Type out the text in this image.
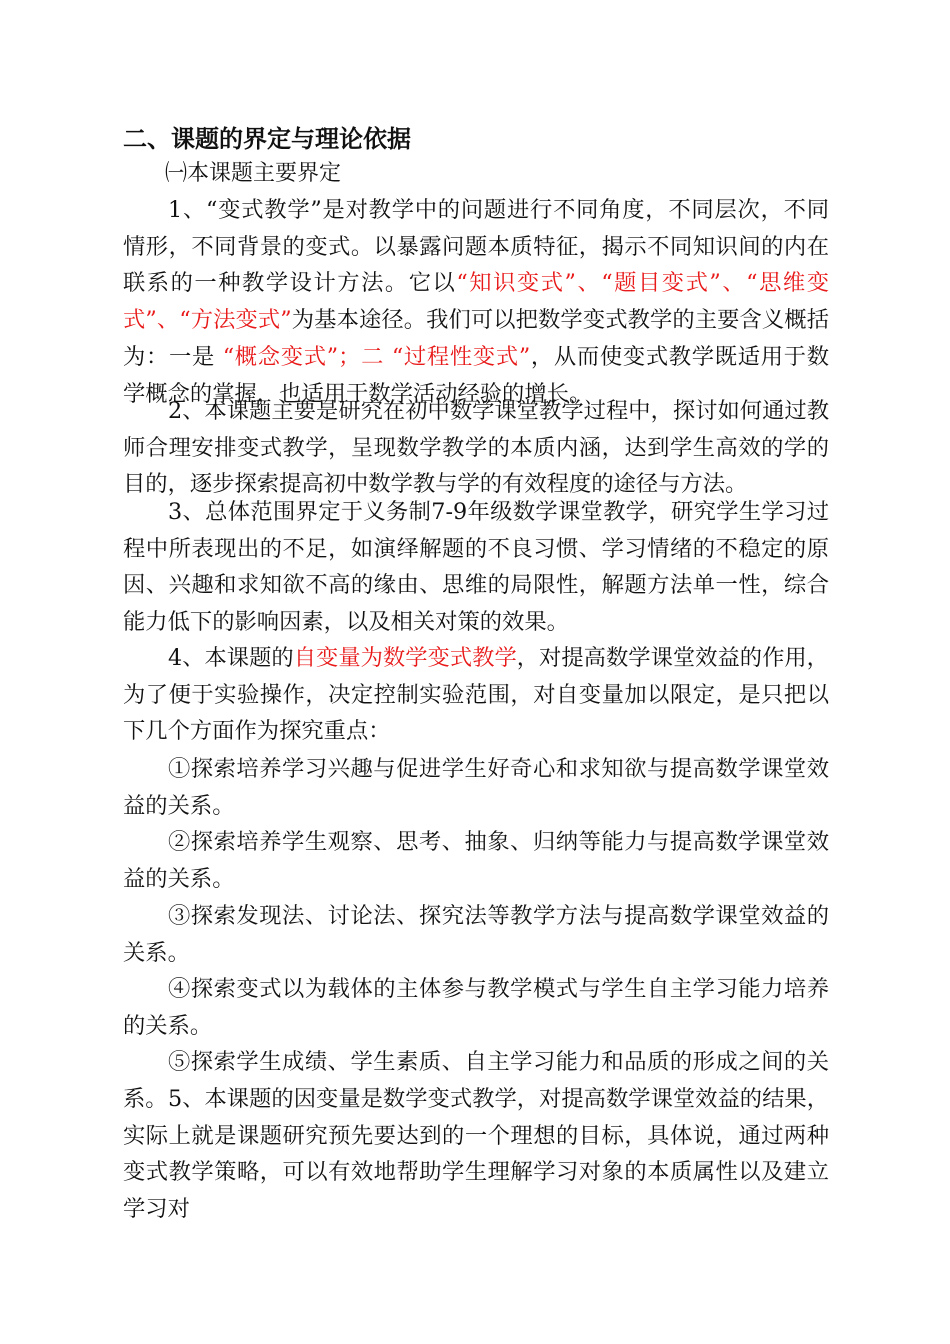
二、课题的界定与理论依据

㈠本课题主要界定

1、“变式教学”是对教学中的问题进行不同角度，不同层次，不同情形，不同背景的变式。以暴露问题本质特征，揭示不同知识间的内在联系的一种教学设计方法。它以“知识变式”、“题目变式”、“思维变式”、“方法变式”为基本途径。我们可以把数学变式教学的主要含义概括为：一是 “概念变式”；二 “过程性变式”，从而使变式教学既适用于数学概念的掌握，也适用于数学活动经验的增长。

2、本课题主要是研究在初中数学课堂教学过程中，探讨如何通过教师合理安排变式教学，呈现数学教学的本质内涵，达到学生高效的学的目的，逐步探索提高初中数学教与学的有效程度的途径与方法。

3、总体范围界定于义务制7-9年级数学课堂教学，研究学生学习过程中所表现出的不足，如演绎解题的不良习惯、学习情绪的不稳定的原因、兴趣和求知欲不高的缘由、思维的局限性，解题方法单一性，综合能力低下的影响因素，以及相关对策的效果。

4、本课题的自变量为数学变式教学，对提高数学课堂效益的作用，为了便于实验操作，决定控制实验范围，对自变量加以限定，是只把以下几个方面作为探究重点：

①探索培养学习兴趣与促进学生好奇心和求知欲与提高数学课堂效益的关系。

②探索培养学生观察、思考、抽象、归纳等能力与提高数学课堂效益的关系。

③探索发现法、讨论法、探究法等教学方法与提高数学课堂效益的关系。

④探索变式以为载体的主体参与教学模式与学生自主学习能力培养的关系。

⑤探索学生成绩、学生素质、自主学习能力和品质的形成之间的关系。 5、本课题的因变量是数学变式教学，对提高数学课堂效益的结果，实际上就是课题研究预先要达到的一个理想的目标，具体说，通过两种变式教学策略，可以有效地帮助学生理解学习对象的本质属性以及建立学习对
